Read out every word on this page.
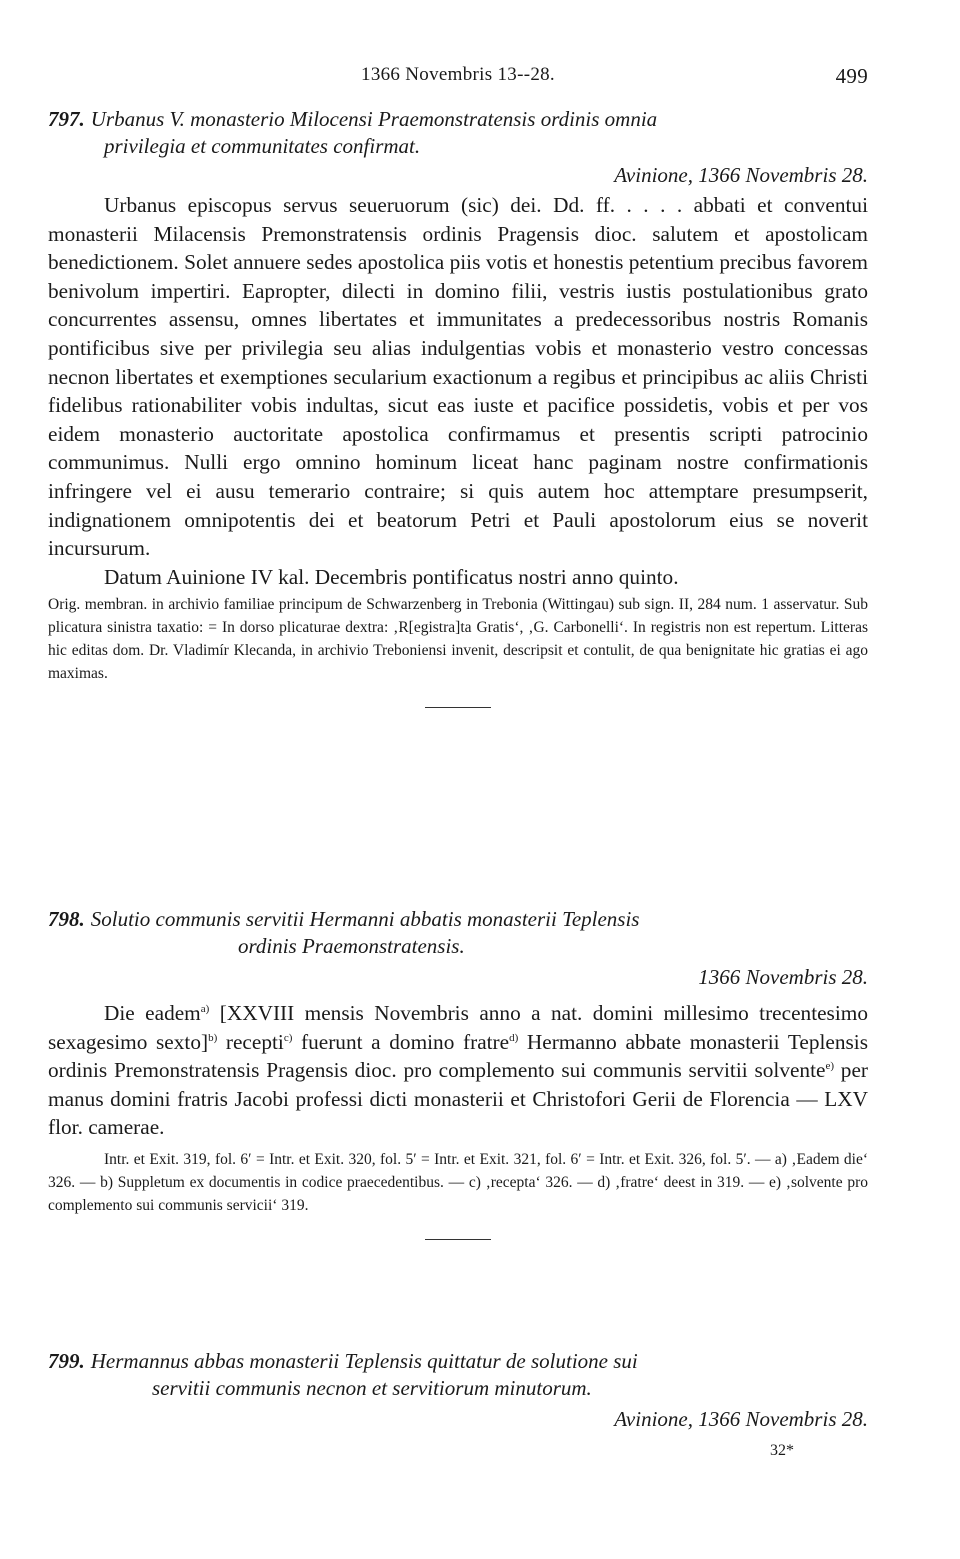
1366 Novembris 13--28.	499

797. Urbanus V. monasterio Milocensi Praemonstratensis ordinis omnia
privilegia et communitates confirmat.

Avinione, 1366 Novembris 28.

Urbanus episcopus servus seueruorum (sic) dei. Dd. ff. . . . . abbati et conventui monasterii Milacensis Premonstratensis ordinis Pragensis dioc. salutem et apostolicam benedictionem. Solet annuere sedes apostolica piis votis et honestis petentium precibus favorem benivolum impertiri. Eapropter, dilecti in domino filii, vestris iustis postulationibus grato concurrentes assensu, omnes libertates et immunitates a predecessoribus nostris Romanis pontificibus sive per privilegia seu alias indulgentias vobis et monasterio vestro concessas necnon libertates et exemptiones secularium exactionum a regibus et principibus ac aliis Christi fidelibus rationabiliter vobis indultas, sicut eas iuste et pacifice possidetis, vobis et per vos eidem monasterio auctoritate apostolica confirmamus et presentis scripti patrocinio communimus. Nulli ergo omnino hominum liceat hanc paginam nostre confirmationis infringere vel ei ausu temerario contraire; si quis autem hoc attemptare presumpserit, indignationem omnipotentis dei et beatorum Petri et Pauli apostolorum eius se noverit incursurum.

Datum Auinione IV kal. Decembris pontificatus nostri anno quinto.

Orig. membran. in archivio familiae principum de Schwarzenberg in Trebonia (Wittingau) sub sign. II, 284 num. 1 asservatur. Sub plicatura sinistra taxatio: = In dorso plicaturae dextra: ‚R[egistra]ta Gratis‘, ‚G. Carbonelli‘. In registris non est repertum. Litteras hic editas dom. Dr. Vladimír Klecanda, in archivio Treboniensi invenit, descripsit et contulit, de qua benignitate hic gratias ei ago maximas.

798. Solutio communis servitii Hermanni abbatis monasterii Teplensis
ordinis Praemonstratensis.

1366 Novembris 28.

Die eadem$^{a)}$ [XXVIII mensis Novembris anno a nat. domini millesimo trecentesimo sexagesimo sexto]$^{b)}$ recepti$^{c)}$ fuerunt a domino fratre$^{d)}$ Hermanno abbate monasterii Teplensis ordinis Premonstratensis Pragensis dioc. pro complemento sui communis servitii solvente$^{e)}$ per manus domini fratris Jacobi professi dicti monasterii et Christofori Gerii de Florencia — LXV flor. camerae.

Intr. et Exit. 319, fol. 6′ = Intr. et Exit. 320, fol. 5′ = Intr. et Exit. 321, fol. 6′ = Intr. et Exit. 326, fol. 5′. — a) ‚Eadem die‘ 326. — b) Suppletum ex documentis in codice praecedentibus. — c) ‚recepta‘ 326. — d) ‚fratre‘ deest in 319. — e) ‚solvente pro complemento sui communis servicii‘ 319.

799. Hermannus abbas monasterii Teplensis quittatur de solutione sui
servitii communis necnon et servitiorum minutorum.

Avinione, 1366 Novembris 28.

32*
